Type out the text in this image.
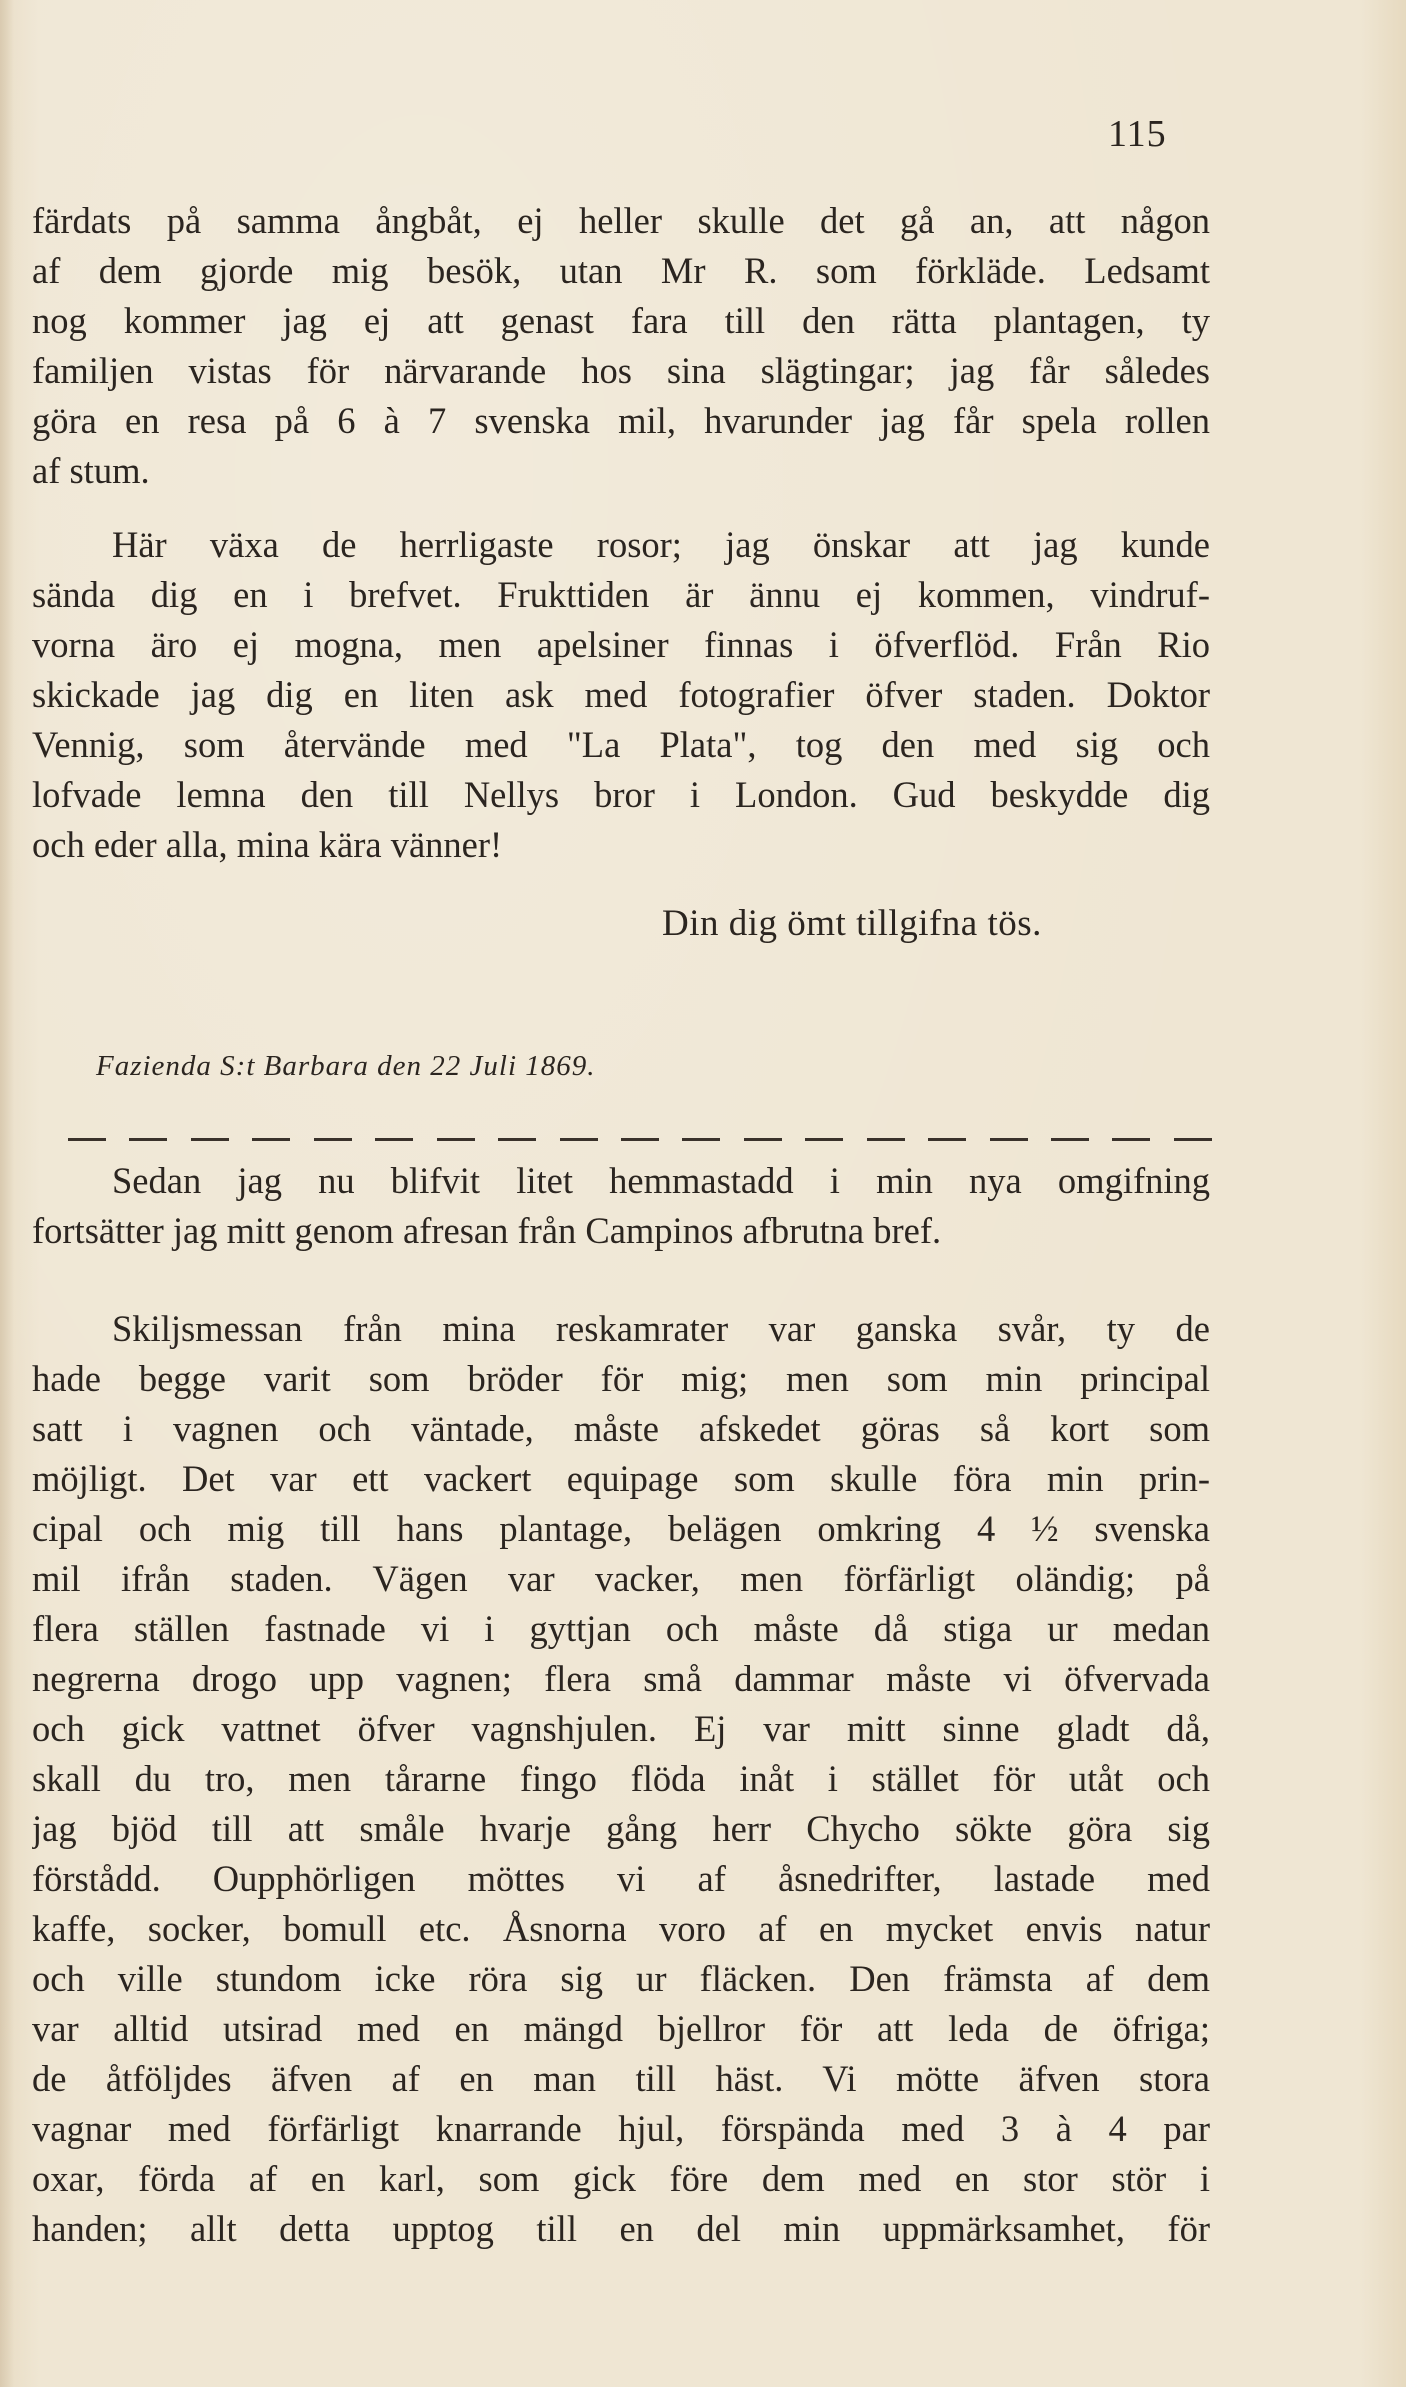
115
färdats på samma ångbåt, ej heller skulle det gå an, att någon
af dem gjorde mig besök, utan Mr R. som förkläde. Ledsamt
nog kommer jag ej att genast fara till den rätta plantagen, ty
familjen vistas för närvarande hos sina slägtingar; jag får således
göra en resa på 6 à 7 svenska mil, hvarunder jag får spela rollen
af stum.
Här växa de herrligaste rosor; jag önskar att jag kunde
sända dig en i brefvet. Frukttiden är ännu ej kommen, vindruf-
vorna äro ej mogna, men apelsiner finnas i öfverflöd. Från Rio
skickade jag dig en liten ask med fotografier öfver staden. Doktor
Vennig, som återvände med "La Plata", tog den med sig och
lofvade lemna den till Nellys bror i London. Gud beskydde dig
och eder alla, mina kära vänner!
Din dig ömt tillgifna tös.
Fazienda S:t Barbara den 22 Juli 1869.
Sedan jag nu blifvit litet hemmastadd i min nya omgifning
fortsätter jag mitt genom afresan från Campinos afbrutna bref.
Skiljsmessan från mina reskamrater var ganska svår, ty de
hade begge varit som bröder för mig; men som min principal
satt i vagnen och väntade, måste afskedet göras så kort som
möjligt. Det var ett vackert equipage som skulle föra min prin-
cipal och mig till hans plantage, belägen omkring 4 ½ svenska
mil ifrån staden. Vägen var vacker, men förfärligt oländig; på
flera ställen fastnade vi i gyttjan och måste då stiga ur medan
negrerna drogo upp vagnen; flera små dammar måste vi öfvervada
och gick vattnet öfver vagnshjulen. Ej var mitt sinne gladt då,
skall du tro, men tårarne fingo flöda inåt i stället för utåt och
jag bjöd till att småle hvarje gång herr Chycho sökte göra sig
förstådd. Oupphörligen möttes vi af åsnedrifter, lastade med
kaffe, socker, bomull etc. Åsnorna voro af en mycket envis natur
och ville stundom icke röra sig ur fläcken. Den främsta af dem
var alltid utsirad med en mängd bjellror för att leda de öfriga;
de åtföljdes äfven af en man till häst. Vi mötte äfven stora
vagnar med förfärligt knarrande hjul, förspända med 3 à 4 par
oxar, förda af en karl, som gick före dem med en stor stör i
handen; allt detta upptog till en del min uppmärksamhet, för
